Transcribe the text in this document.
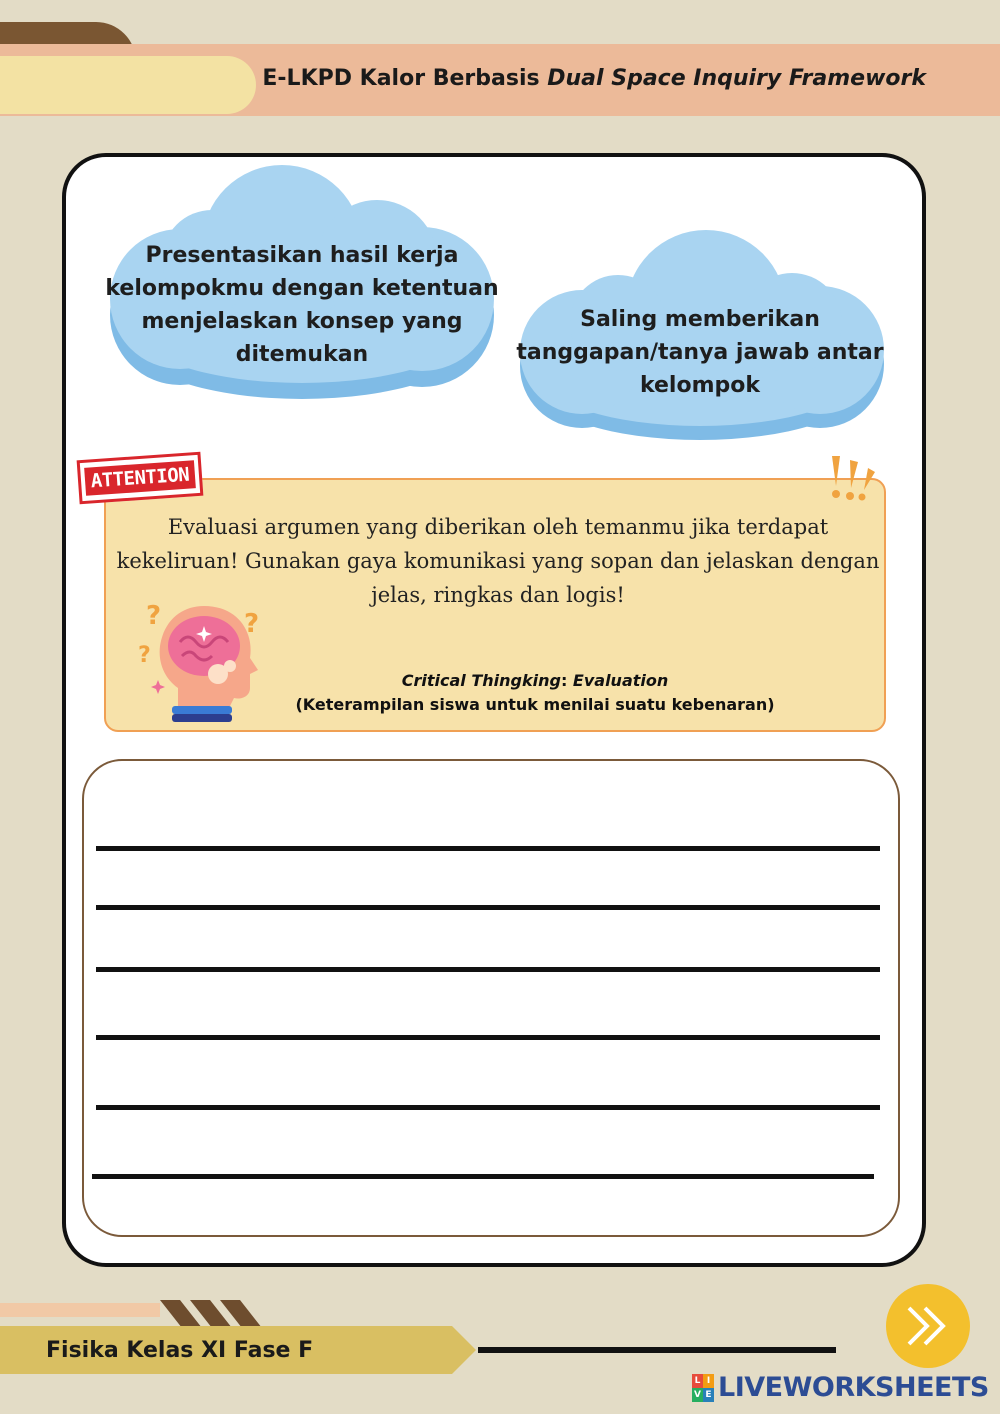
E-LKPD Kalor Berbasis Dual Space Inquiry Framework
Presentasikan hasil kerja
kelompokmu dengan ketentuan
menjelaskan konsep yang
ditemukan
Saling memberikan
tanggapan/tanya jawab antar
kelompok
ATTENTION
Evaluasi argumen yang diberikan oleh temanmu jika terdapat
kekeliruan! Gunakan gaya komunikasi yang sopan dan jelaskan dengan
jelas, ringkas dan logis!
?
?
?
Critical Thingking: Evaluation
(Keterampilan siswa untuk menilai suatu kebenaran)
Fisika Kelas XI Fase F
L I
V E LIVEWORKSHEETS
